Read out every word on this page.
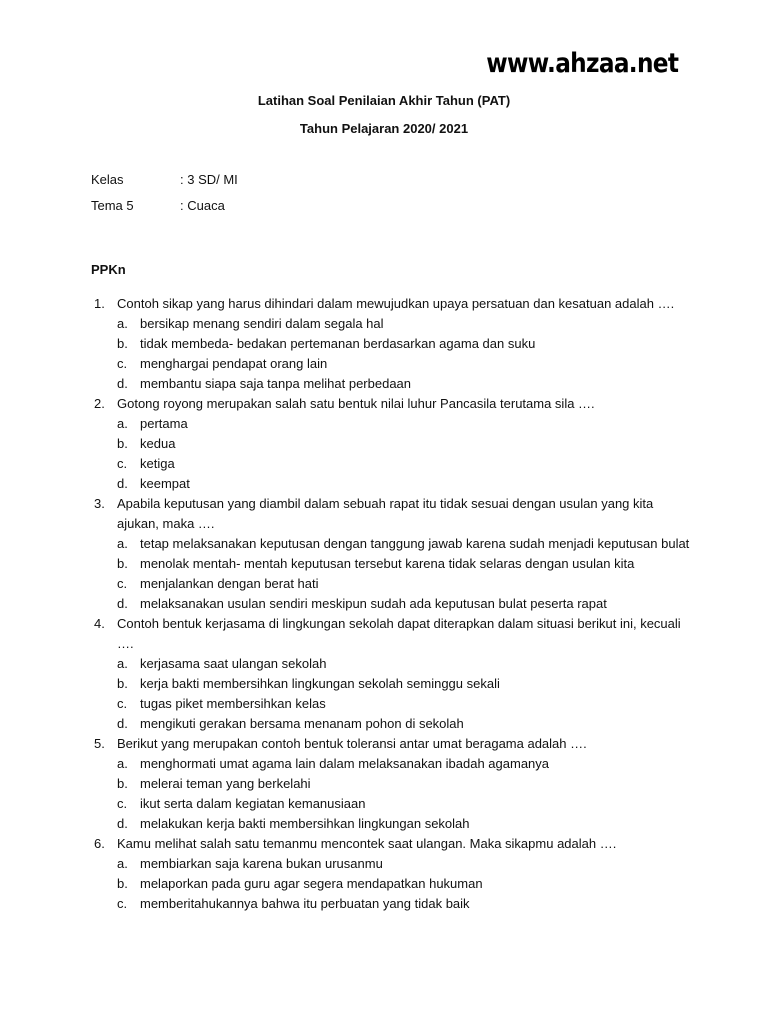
www.ahzaa.net
Latihan Soal Penilaian Akhir Tahun (PAT)
Tahun Pelajaran 2020/ 2021
Kelas	: 3 SD/ MI
Tema 5	: Cuaca
PPKn
1. Contoh sikap yang harus dihindari dalam mewujudkan upaya persatuan dan kesatuan adalah ….
a. bersikap menang sendiri dalam segala hal
b. tidak membeda- bedakan pertemanan berdasarkan agama dan suku
c. menghargai pendapat orang lain
d. membantu siapa saja tanpa melihat perbedaan
2. Gotong royong merupakan salah satu bentuk nilai luhur Pancasila terutama sila ….
a. pertama
b. kedua
c. ketiga
d. keempat
3. Apabila keputusan yang diambil dalam sebuah rapat itu tidak sesuai dengan usulan yang kita ajukan, maka ….
a. tetap melaksanakan keputusan dengan tanggung jawab karena sudah menjadi keputusan bulat
b. menolak mentah- mentah keputusan tersebut karena tidak selaras dengan usulan kita
c. menjalankan dengan berat hati
d. melaksanakan usulan sendiri meskipun sudah ada keputusan bulat peserta rapat
4. Contoh bentuk kerjasama di lingkungan sekolah dapat diterapkan dalam situasi berikut ini, kecuali ….
a. kerjasama saat ulangan sekolah
b. kerja bakti membersihkan lingkungan sekolah seminggu sekali
c. tugas piket membersihkan kelas
d. mengikuti gerakan bersama menanam pohon di sekolah
5. Berikut yang merupakan contoh bentuk toleransi antar umat beragama adalah ….
a. menghormati umat agama lain dalam melaksanakan ibadah agamanya
b. melerai teman yang berkelahi
c. ikut serta dalam kegiatan kemanusiaan
d. melakukan kerja bakti membersihkan lingkungan sekolah
6. Kamu melihat salah satu temanmu mencontek saat ulangan. Maka sikapmu adalah ….
a. membiarkan saja karena bukan urusanmu
b. melaporkan pada guru agar segera mendapatkan hukuman
c. memberitahukannya bahwa itu perbuatan yang tidak baik
